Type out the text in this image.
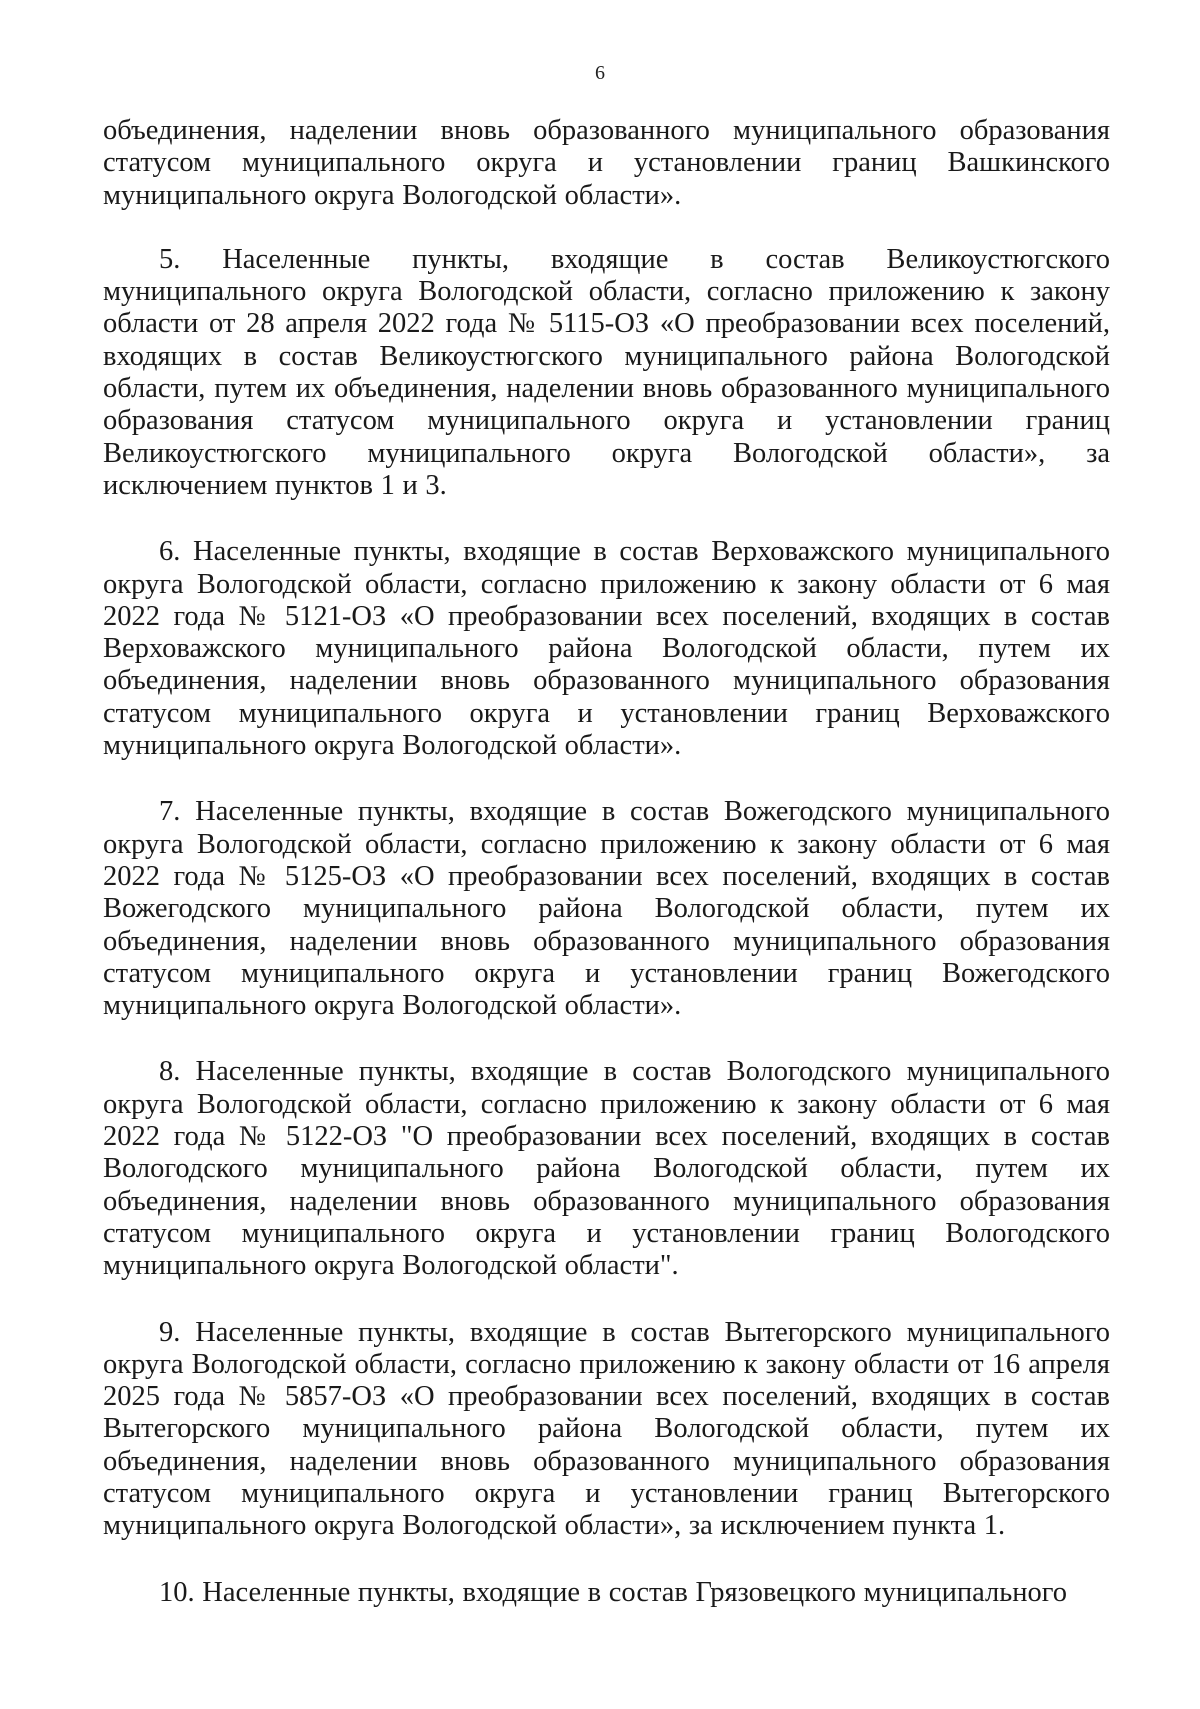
6

объединения, наделении вновь образованного муниципального образования статусом муниципального округа и установлении границ Вашкинского муниципального округа Вологодской области».

5. Населенные пункты, входящие в состав Великоустюгского муниципального округа Вологодской области, согласно приложению к закону области от 28 апреля 2022 года № 5115-ОЗ «О преобразовании всех поселений, входящих в состав Великоустюгского муниципального района Вологодской области, путем их объединения, наделении вновь образованного муниципального образования статусом муниципального округа и установлении границ Великоустюгского муниципального округа Вологодской области», за исключением пунктов 1 и 3.

6. Населенные пункты, входящие в состав Верховажского муниципального округа Вологодской области, согласно приложению к закону области от 6 мая 2022 года № 5121-ОЗ «О преобразовании всех поселений, входящих в состав Верховажского муниципального района Вологодской области, путем их объединения, наделении вновь образованного муниципального образования статусом муниципального округа и установлении границ Верховажского муниципального округа Вологодской области».

7. Населенные пункты, входящие в состав Вожегодского муниципального округа Вологодской области, согласно приложению к закону области от 6 мая 2022 года № 5125-ОЗ «О преобразовании всех поселений, входящих в состав Вожегодского муниципального района Вологодской области, путем их объединения, наделении вновь образованного муниципального образования статусом муниципального округа и установлении границ Вожегодского муниципального округа Вологодской области».

8. Населенные пункты, входящие в состав Вологодского муниципального округа Вологодской области, согласно приложению к закону области от 6 мая 2022 года № 5122-ОЗ "О преобразовании всех поселений, входящих в состав Вологодского муниципального района Вологодской области, путем их объединения, наделении вновь образованного муниципального образования статусом муниципального округа и установлении границ Вологодского муниципального округа Вологодской области".

9. Населенные пункты, входящие в состав Вытегорского муниципального округа Вологодской области, согласно приложению к закону области от 16 апреля 2025 года № 5857-ОЗ «О преобразовании всех поселений, входящих в состав Вытегорского муниципального района Вологодской области, путем их объединения, наделении вновь образованного муниципального образования статусом муниципального округа и установлении границ Вытегорского муниципального округа Вологодской области», за исключением пункта 1.

10. Населенные пункты, входящие в состав Грязовецкого муниципального
